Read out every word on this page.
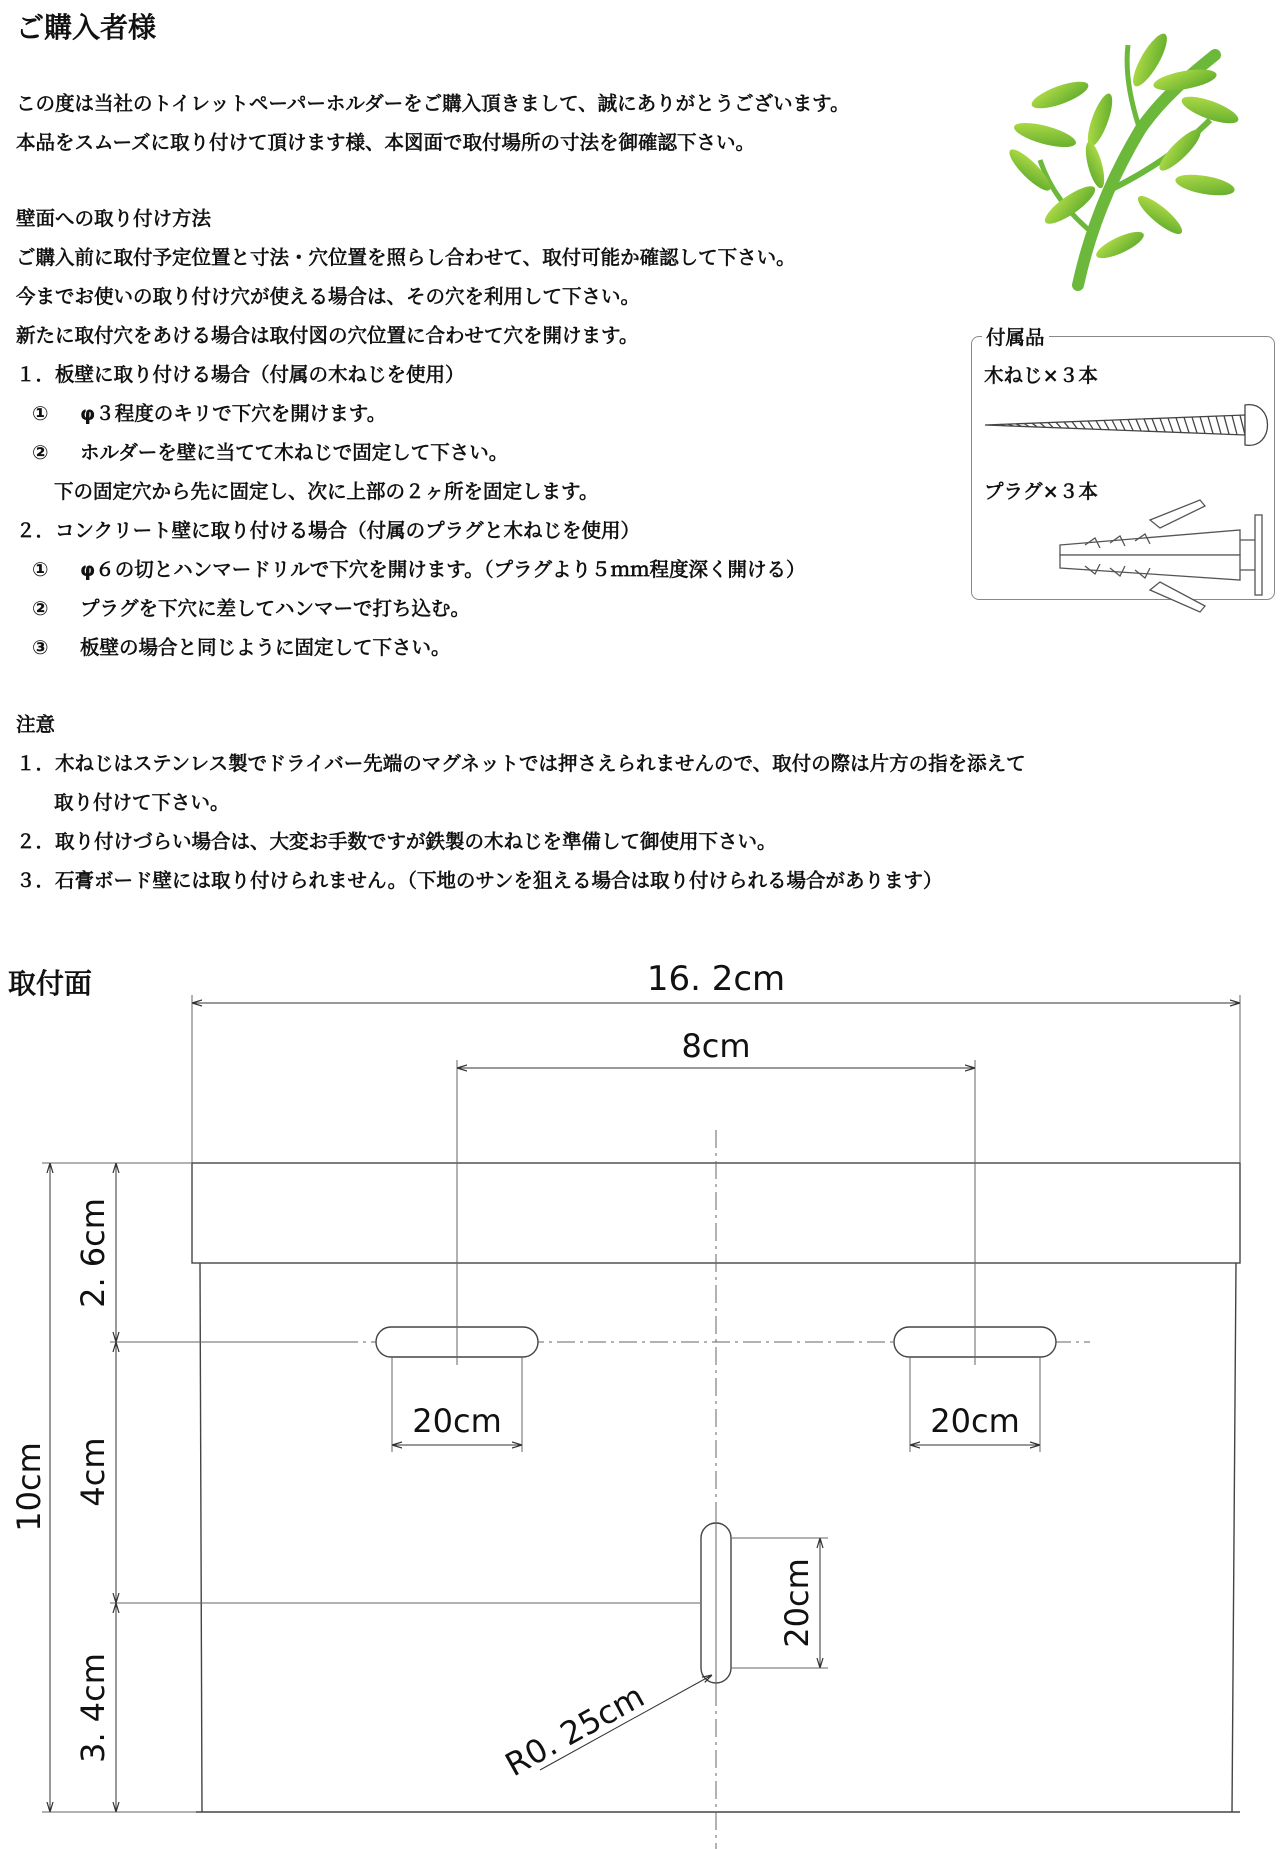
ご購入者様
この度は当社のトイレットペーパーホルダーをご購入頂きまして、誠にありがとうございます。
本品をスムーズに取り付けて頂けます様、本図面で取付場所の寸法を御確認下さい。
壁面への取り付け方法
ご購入前に取付予定位置と寸法・穴位置を照らし合わせて、取付可能か確認して下さい。
今までお使いの取り付け穴が使える場合は、その穴を利用して下さい。
新たに取付穴をあける場合は取付図の穴位置に合わせて穴を開けます。
１．板壁に取り付ける場合（付属の木ねじを使用）
① φ３程度のキリで下穴を開けます。
② ホルダーを壁に当てて木ねじで固定して下さい。
下の固定穴から先に固定し、次に上部の２ヶ所を固定します。
２．コンクリート壁に取り付ける場合（付属のプラグと木ねじを使用）
① φ６の切とハンマードリルで下穴を開けます。（プラグより５ｍｍ程度深く開ける）
② プラグを下穴に差してハンマーで打ち込む。
③ 板壁の場合と同じように固定して下さい。
注意
１．木ねじはステンレス製でドライバー先端のマグネットでは押さえられませんので、取付の際は片方の指を添えて
取り付けて下さい。
２．取り付けづらい場合は、大変お手数ですが鉄製の木ねじを準備して御使用下さい。
３．石膏ボード壁には取り付けられません。（下地のサンを狙える場合は取り付けられる場合があります）
付属品
木ねじ×３本
プラグ×３本
取付面	16. 2cm
8cm
20cm	20cm
20cm
10cm
2. 6cm
4cm
3. 4cm	R0. 25cm
